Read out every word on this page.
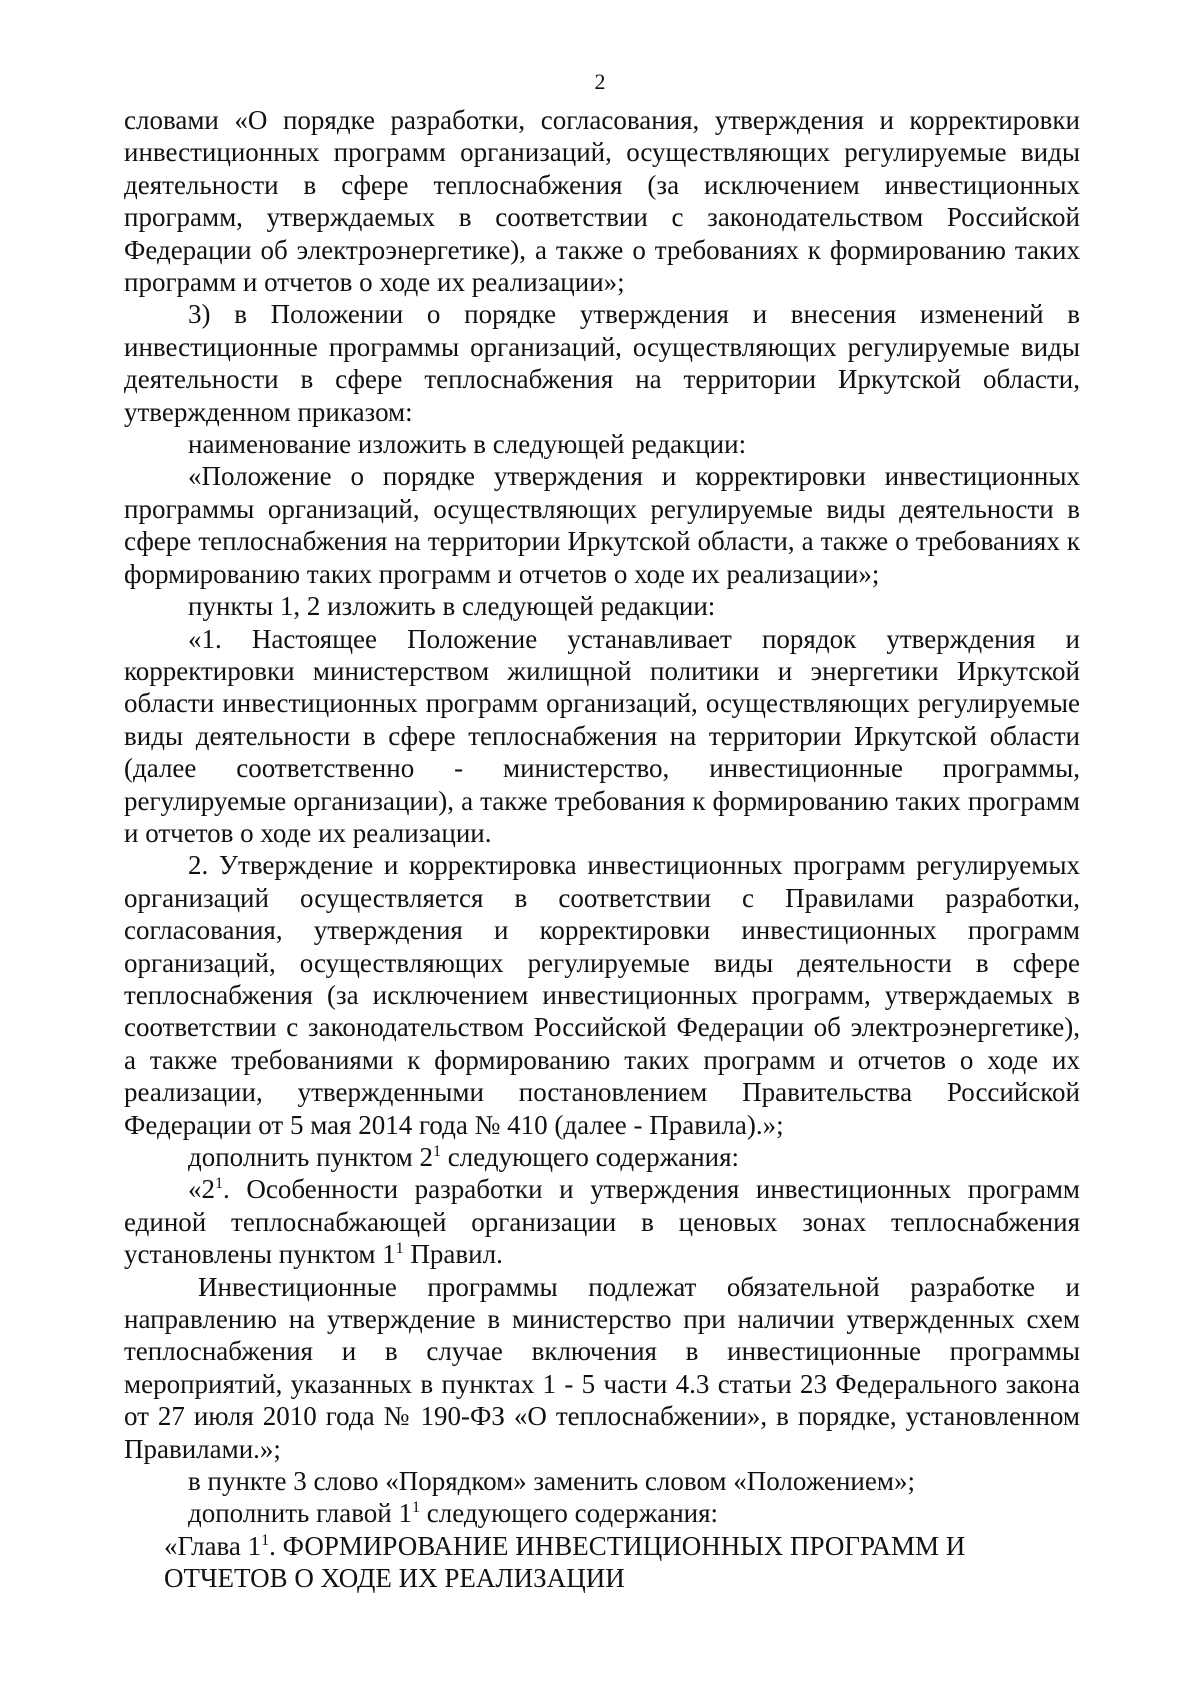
2

словами «О порядке разработки, согласования, утверждения и корректировки инвестиционных программ организаций, осуществляющих регулируемые виды деятельности в сфере теплоснабжения (за исключением инвестиционных программ, утверждаемых в соответствии с законодательством Российской Федерации об электроэнергетике), а также о требованиях к формированию таких программ и отчетов о ходе их реализации»;

3) в Положении о порядке утверждения и внесения изменений в инвестиционные программы организаций, осуществляющих регулируемые виды деятельности в сфере теплоснабжения на территории Иркутской области, утвержденном приказом:

наименование изложить в следующей редакции:

«Положение о порядке утверждения и корректировки инвестиционных программы организаций, осуществляющих регулируемые виды деятельности в сфере теплоснабжения на территории Иркутской области, а также о требованиях к формированию таких программ и отчетов о ходе их реализации»;

пункты 1, 2 изложить в следующей редакции:

«1. Настоящее Положение устанавливает порядок утверждения и корректировки министерством жилищной политики и энергетики Иркутской области инвестиционных программ организаций, осуществляющих регулируемые виды деятельности в сфере теплоснабжения на территории Иркутской области (далее соответственно - министерство, инвестиционные программы, регулируемые организации), а также требования к формированию таких программ и отчетов о ходе их реализации.

2. Утверждение и корректировка инвестиционных программ регулируемых организаций осуществляется в соответствии с Правилами разработки, согласования, утверждения и корректировки инвестиционных программ организаций, осуществляющих регулируемые виды деятельности в сфере теплоснабжения (за исключением инвестиционных программ, утверждаемых в соответствии с законодательством Российской Федерации об электроэнергетике), а также требованиями к формированию таких программ и отчетов о ходе их реализации, утвержденными постановлением Правительства Российской Федерации от 5 мая 2014 года № 410 (далее - Правила).»;

дополнить пунктом $2^1$ следующего содержания:

«$2^1$. Особенности разработки и утверждения инвестиционных программ единой теплоснабжающей организации в ценовых зонах теплоснабжения установлены пунктом $1^1$ Правил.

Инвестиционные программы подлежат обязательной разработке и направлению на утверждение в министерство при наличии утвержденных схем теплоснабжения и в случае включения в инвестиционные программы мероприятий, указанных в пунктах 1 - 5 части 4.3 статьи 23 Федерального закона от 27 июля 2010 года № 190-ФЗ «О теплоснабжении», в порядке, установленном Правилами.»;

в пункте 3 слово «Порядком» заменить словом «Положением»;

дополнить главой $1^1$ следующего содержания:

«Глава $1^1$. ФОРМИРОВАНИЕ ИНВЕСТИЦИОННЫХ ПРОГРАММ И

ОТЧЕТОВ О ХОДЕ ИХ РЕАЛИЗАЦИИ
